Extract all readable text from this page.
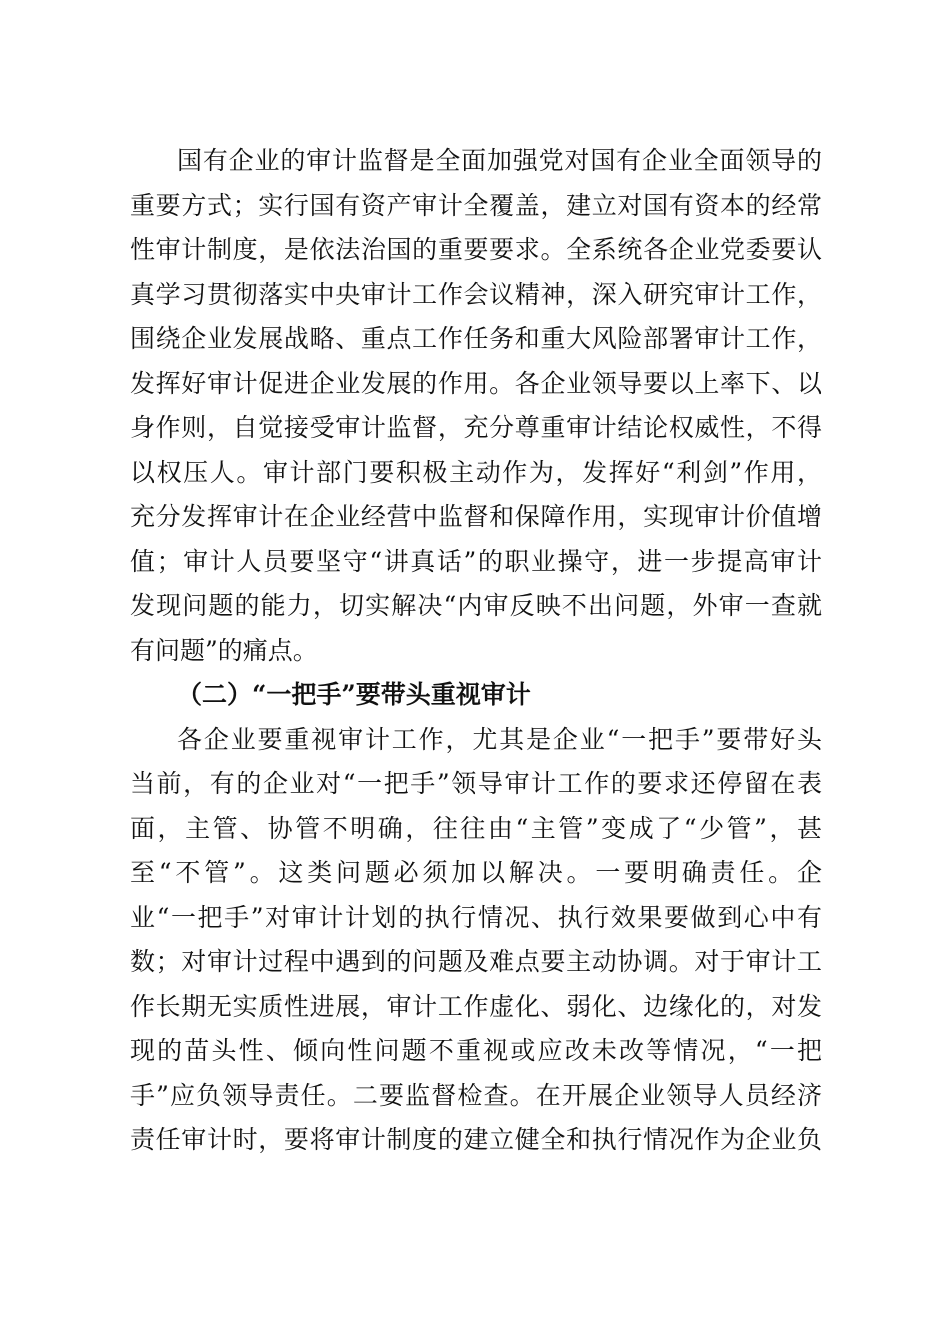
国有企业的审计监督是全面加强党对国有企业全面领导的
重要方式；实行国有资产审计全覆盖，建立对国有资本的经常
性审计制度，是依法治国的重要要求。全系统各企业党委要认
真学习贯彻落实中央审计工作会议精神，深入研究审计工作，
围绕企业发展战略、重点工作任务和重大风险部署审计工作，
发挥好审计促进企业发展的作用。各企业领导要以上率下、以
身作则，自觉接受审计监督，充分尊重审计结论权威性，不得
以权压人。审计部门要积极主动作为，发挥好“利剑”作用，
充分发挥审计在企业经营中监督和保障作用，实现审计价值增
值；审计人员要坚守“讲真话”的职业操守，进一步提高审计
发现问题的能力，切实解决“内审反映不出问题，外审一查就
有问题”的痛点。
（二）“一把手”要带头重视审计
各企业要重视审计工作，尤其是企业“一把手”要带好头
当前，有的企业对“一把手”领导审计工作的要求还停留在表
面，主管、协管不明确，往往由“主管”变成了“少管”，甚
至“不管”。这类问题必须加以解决。一要明确责任。企
业“一把手”对审计计划的执行情况、执行效果要做到心中有
数；对审计过程中遇到的问题及难点要主动协调。对于审计工
作长期无实质性进展，审计工作虚化、弱化、边缘化的，对发
现的苗头性、倾向性问题不重视或应改未改等情况，“一把
手”应负领导责任。二要监督检查。在开展企业领导人员经济
责任审计时，要将审计制度的建立健全和执行情况作为企业负
